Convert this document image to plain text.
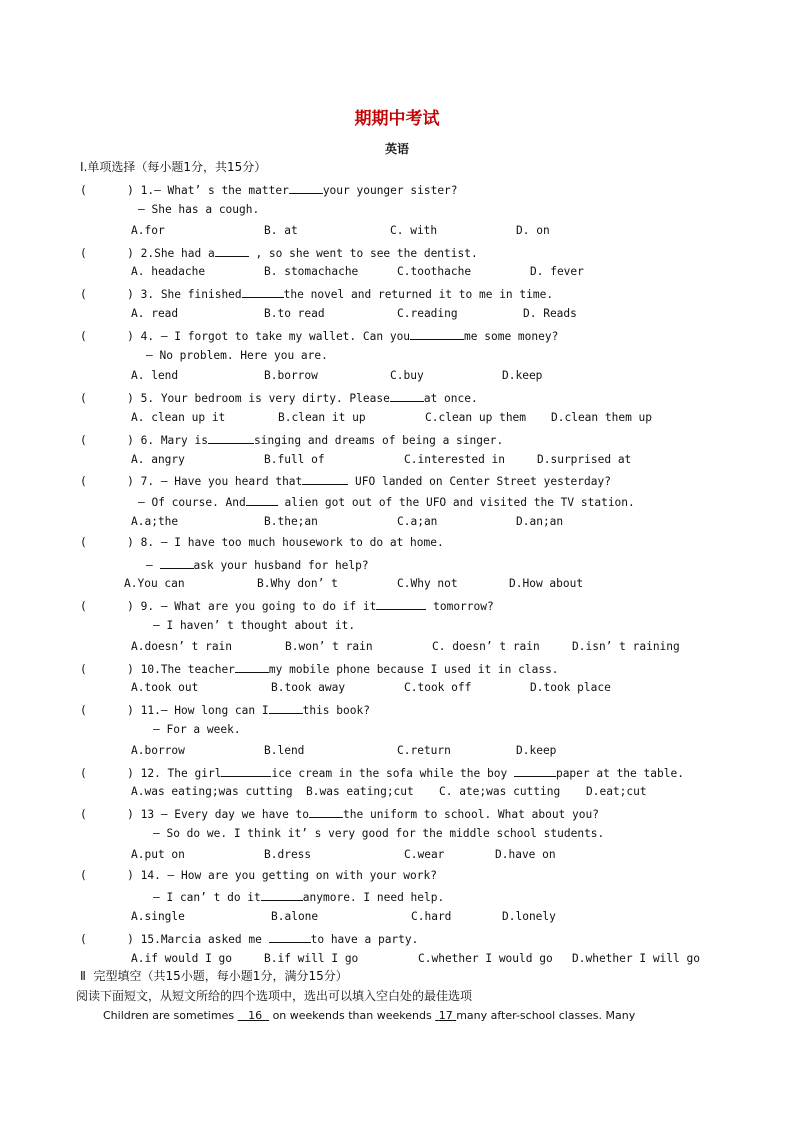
期期中考试
英语
Ⅰ.单项选择（每小题1分，共15分）
(      ) 1.— What’ s the matter	your younger sister?
— She has a cough.
A.for	B. at	C. with	D. on
(      ) 2.She had a	, so she went to see the dentist.
A. headache	B. stomachache	C.toothache	D. fever
(      ) 3. She finished	the novel and returned it to me in time.
A. read	B.to read	C.reading	D. Reads
(      ) 4. — I forgot to take my wallet. Can you	me some money?
— No problem. Here you are.
A. lend	B.borrow	C.buy	D.keep
(      ) 5. Your bedroom is very dirty. Please	at once.
A. clean up it	B.clean it up	C.clean up them D.clean them up
(      ) 6. Mary is	singing and dreams of being a singer.
A. angry	B.full of	C.interested in	D.surprised at
(      ) 7. — Have you heard that	UFO landed on Center Street yesterday?
— Of course. And	alien got out of the UFO and visited the TV station.
A.a;the	B.the;an	C.a;an	D.an;an
(      ) 8. — I have too much housework to do at home.
—	ask your husband for help?
A.You can	B.Why don’ t	C.Why not	D.How about
(      ) 9. — What are you going to do if it	tomorrow?
— I haven’ t thought about it.
A.doesn’ t rain	B.won’ t rain	C. doesn’ t rain	D.isn’ t raining
(      ) 10.The teacher	my mobile phone because I used it in class.
A.took out	B.took away	C.took off	D.took place
(      ) 11.— How long can I	this book?
— For a week.
A.borrow	B.lend	C.return	D.keep
(      ) 12. The girl	ice cream in the sofa while the boy	paper at the table.
A.was eating;was cutting B.was eating;cut C. ate;was cutting D.eat;cut
(      ) 13 — Every day we have to	the uniform to school. What about you?
— So do we. I think it’ s very good for the middle school students.
A.put on	B.dress	C.wear	D.have on
(      ) 14. — How are you getting on with your work?
— I can’ t do it	anymore. I need help.
A.single	B.alone	C.hard	D.lonely
(      ) 15.Marcia asked me	to have a party.
A.if would I go	B.if will I go	C.whether I would go D.whether I will go
Ⅱ  完型填空（共15小题，每小题1分，满分15分）
阅读下面短文，从短文所给的四个选项中，选出可以填入空白处的最佳选项
Children are sometimes 16 on weekends than weekends 17 many after-school classes. Many
